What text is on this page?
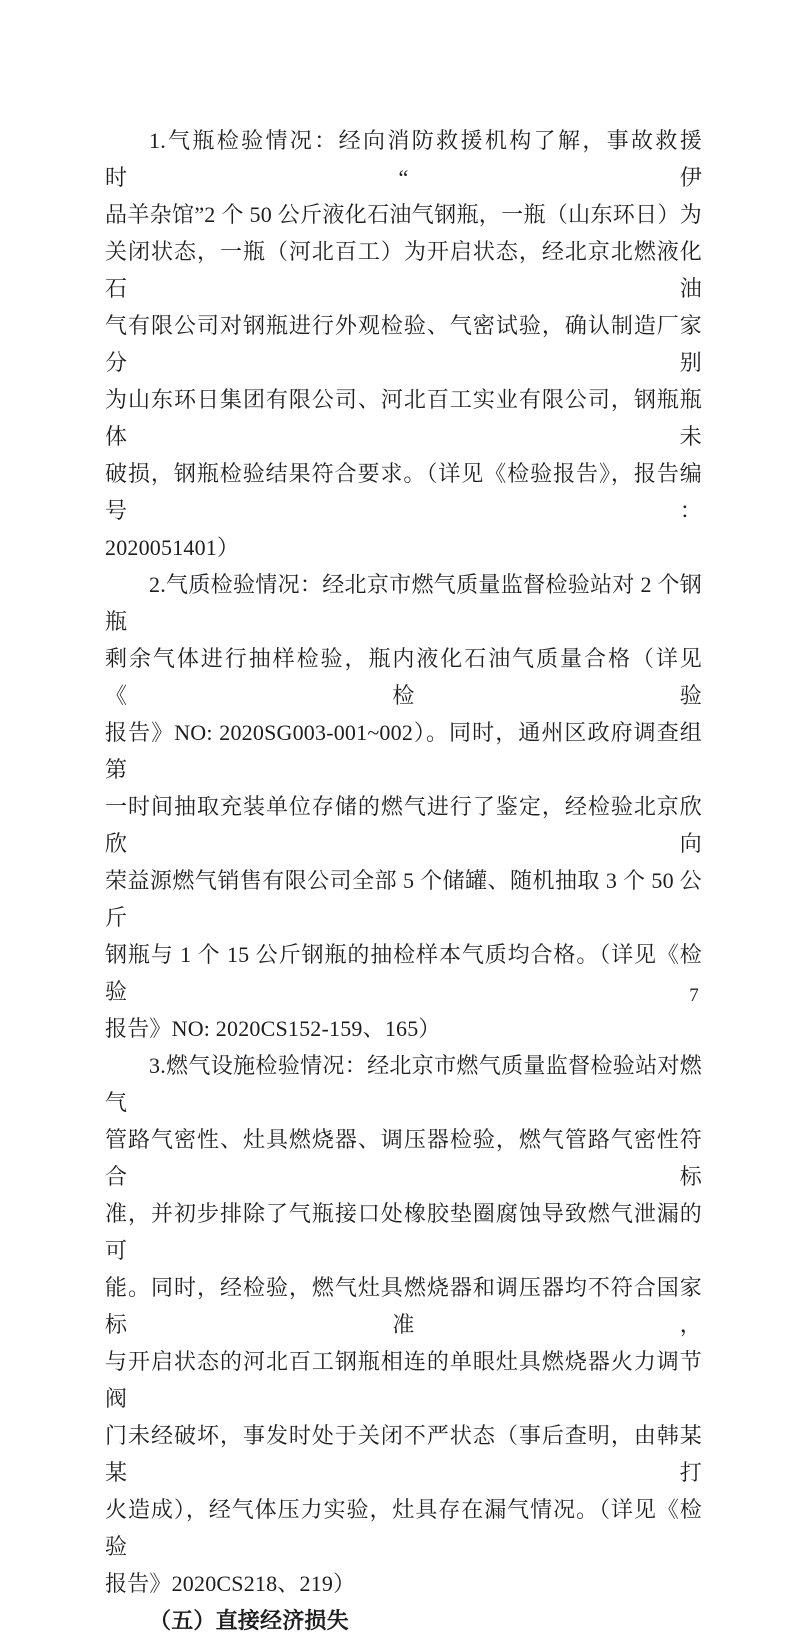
1.气瓶检验情况：经向消防救援机构了解，事故救援时“伊
品羊杂馆”2 个 50 公斤液化石油气钢瓶，一瓶（山东环日）为
关闭状态，一瓶（河北百工）为开启状态，经北京北燃液化石油
气有限公司对钢瓶进行外观检验、气密试验，确认制造厂家分别
为山东环日集团有限公司、河北百工实业有限公司，钢瓶瓶体未
破损，钢瓶检验结果符合要求。（详见《检验报告》，报告编号：
2020051401）
2.气质检验情况：经北京市燃气质量监督检验站对 2 个钢瓶
剩余气体进行抽样检验，瓶内液化石油气质量合格（详见《检验
报告》NO: 2020SG003-001~002）。同时，通州区政府调查组第
一时间抽取充装单位存储的燃气进行了鉴定，经检验北京欣欣向
荣益源燃气销售有限公司全部 5 个储罐、随机抽取 3 个 50 公斤
钢瓶与 1 个 15 公斤钢瓶的抽检样本气质均合格。（详见《检验
报告》NO: 2020CS152-159、165）
3.燃气设施检验情况：经北京市燃气质量监督检验站对燃气
管路气密性、灶具燃烧器、调压器检验，燃气管路气密性符合标
准，并初步排除了气瓶接口处橡胶垫圈腐蚀导致燃气泄漏的可
能。同时，经检验，燃气灶具燃烧器和调压器均不符合国家标准，
与开启状态的河北百工钢瓶相连的单眼灶具燃烧器火力调节阀
门未经破坏，事发时处于关闭不严状态（事后查明，由韩某某打
火造成），经气体压力实验，灶具存在漏气情况。（详见《检验
报告》2020CS218、219）
（五）直接经济损失
7
